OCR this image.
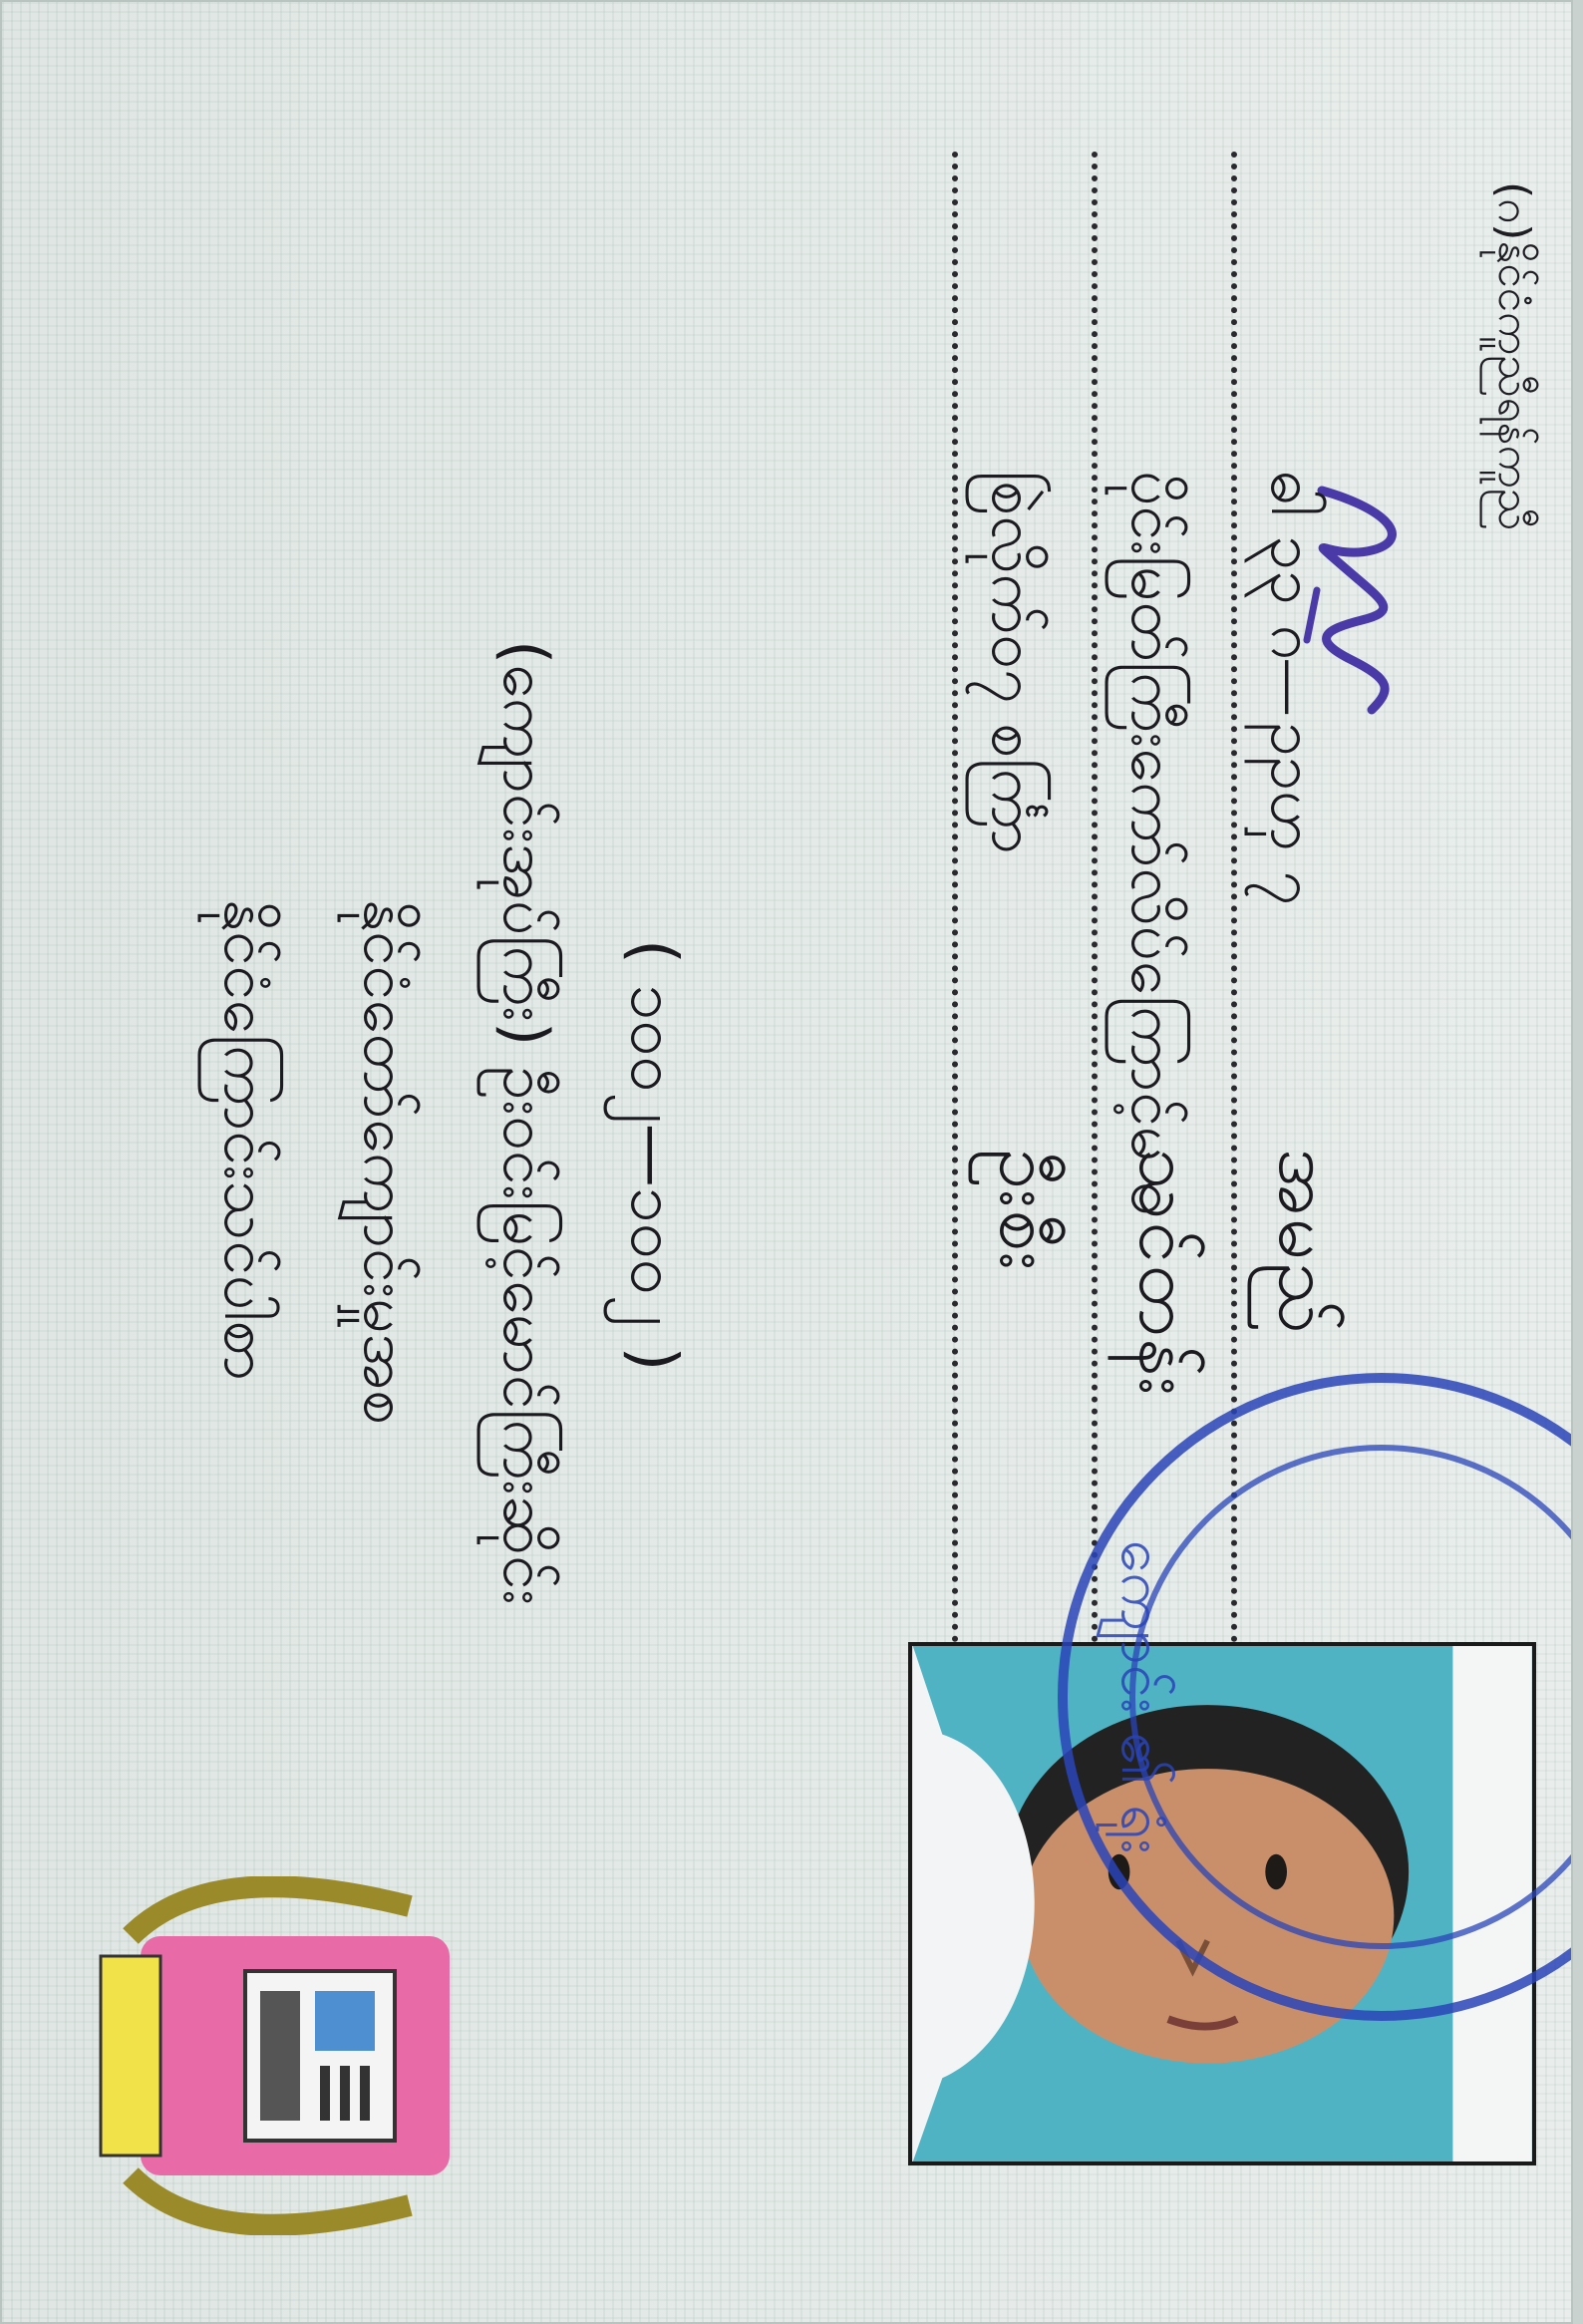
(ဂ)နိုင်ငံကူညီရန်ကူညီ
အမည်
ဓါ ၃၃ ဂ—ၣၣၯ ၇
သင်တန်း
ပိုင်းမြတ်ကြီးကော်လိပ်ကြောင့်မ ၀
ဦးစီး
စြဲလိုက်ဝ၇ စင်္ကြာ
( ၁၀၀၂—၁၀၀၂ )
(ကျောင်းအုပ်ကြီး) ဦးဝင်းမြင့်မောင်ကြီးဆိုင်း
နိုင်ငံတော်ကျောင်းမှုအစ
နိုင်ငံကြောင်းသင်ပါစာ
ကျောင်း ၏ ရုံး
